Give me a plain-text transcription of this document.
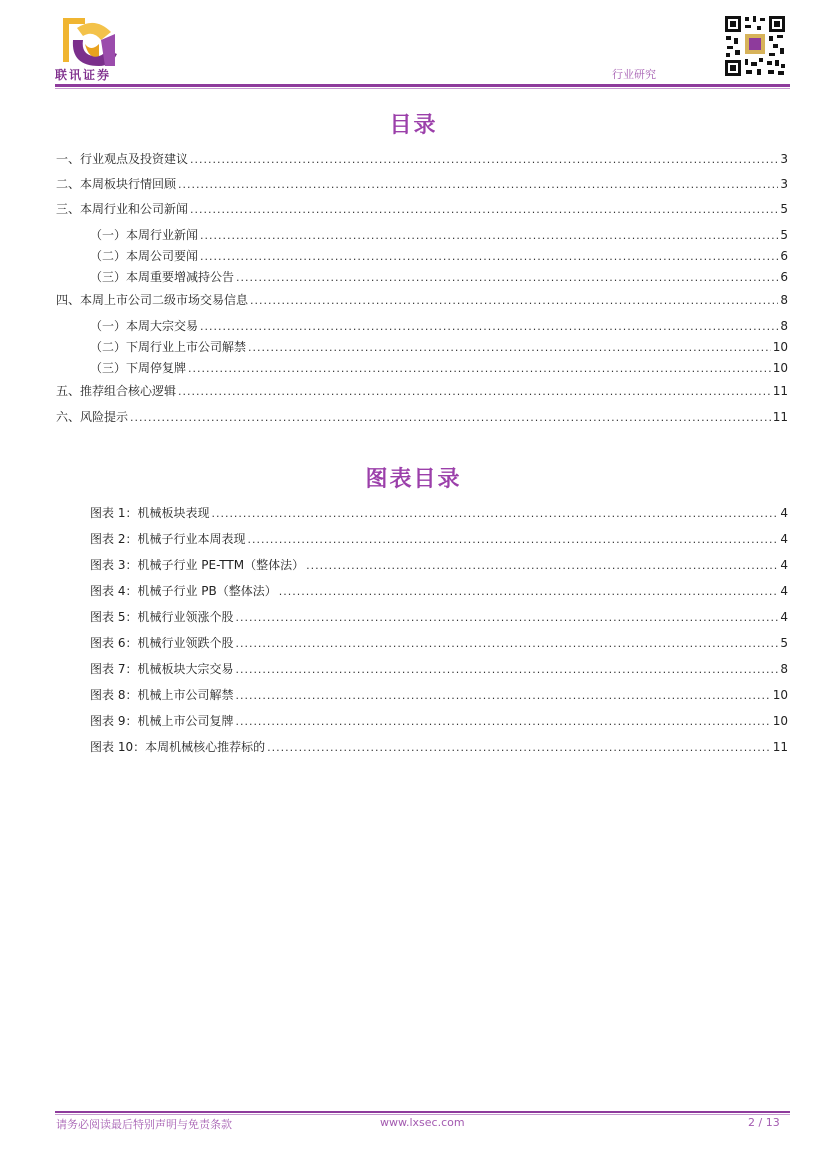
联讯证券	行业研究
目录
一、行业观点及投资建议 .....	3
二、本周板块行情回顾 .....	3
三、本周行业和公司新闻 .....	5
（一）本周行业新闻 .....	5
（二）本周公司要闻 .....	6
（三）本周重要增减持公告 .....	6
四、本周上市公司二级市场交易信息 .....	8
（一）本周大宗交易 .....	8
（二）下周行业上市公司解禁 .....	10
（三）下周停复牌 .....	10
五、推荐组合核心逻辑 .....	11
六、风险提示 .....	11
图表目录
图表 1：机械板块表现 .....	4
图表 2：机械子行业本周表现 .....	4
图表 3：机械子行业 PE-TTM（整体法） .....	4
图表 4：机械子行业 PB（整体法） .....	4
图表 5：机械行业领涨个股 .....	4
图表 6：机械行业领跌个股 .....	5
图表 7：机械板块大宗交易 .....	8
图表 8：机械上市公司解禁 .....	10
图表 9：机械上市公司复牌 .....	10
图表 10：本周机械核心推荐标的 .....	11
请务必阅读最后特别声明与免责条款	www.lxsec.com	2 / 13
